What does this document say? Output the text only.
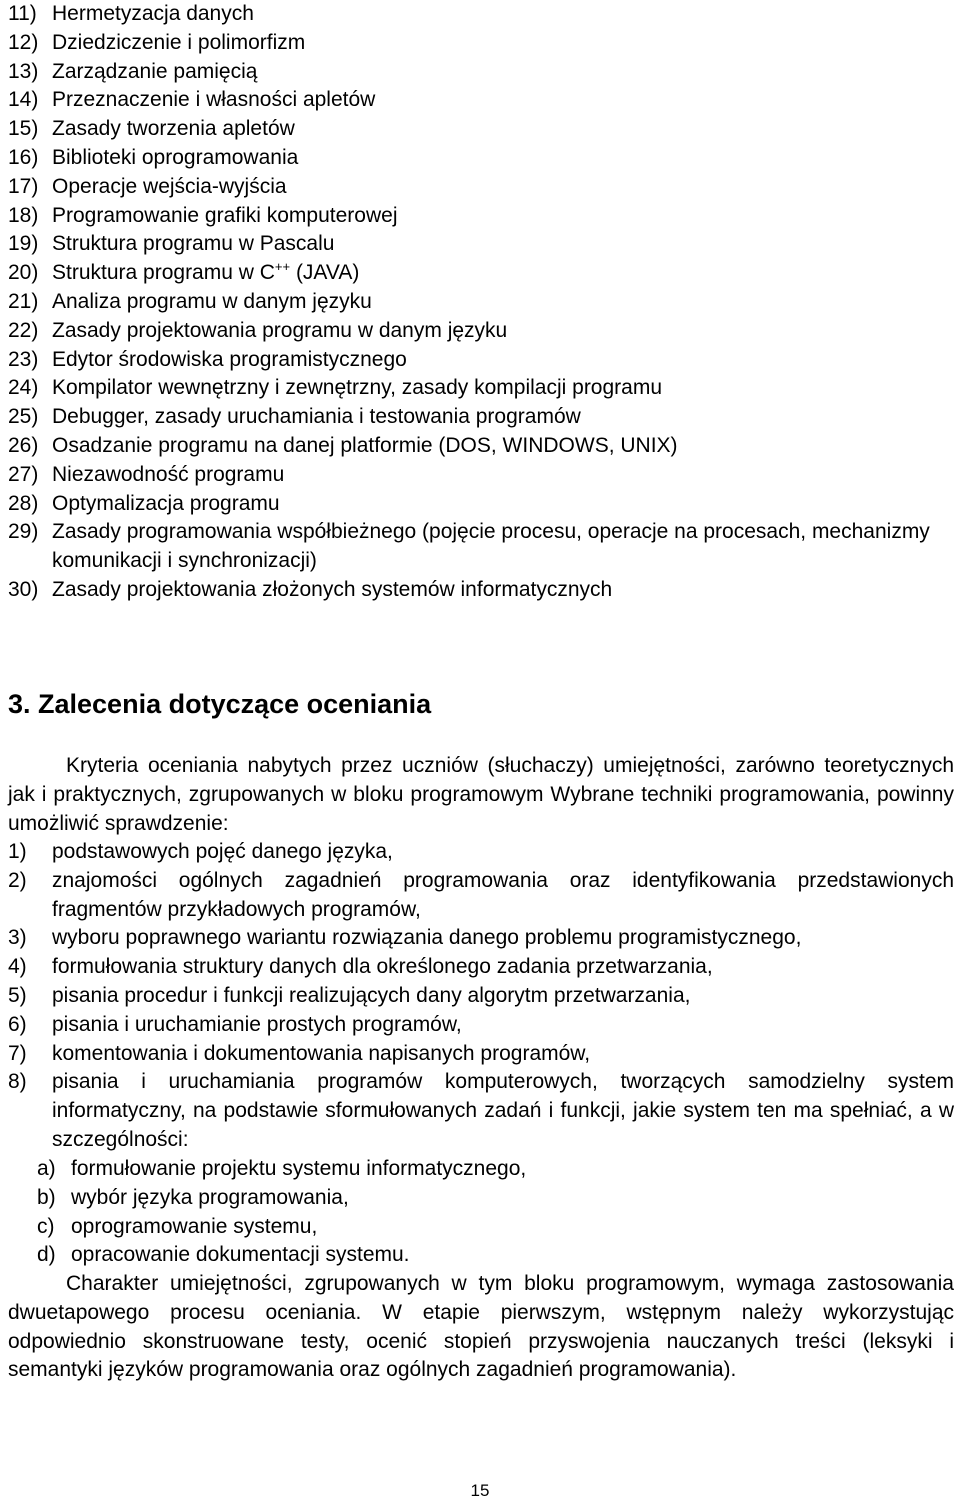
11) Hermetyzacja danych
12) Dziedziczenie i polimorfizm
13) Zarządzanie pamięcią
14) Przeznaczenie i własności apletów
15) Zasady tworzenia apletów
16) Biblioteki oprogramowania
17) Operacje wejścia-wyjścia
18) Programowanie grafiki komputerowej
19) Struktura programu w Pascalu
20) Struktura programu w C++ (JAVA)
21) Analiza programu w danym języku
22) Zasady projektowania programu w danym języku
23) Edytor środowiska programistycznego
24) Kompilator wewnętrzny i zewnętrzny, zasady kompilacji programu
25) Debugger, zasady uruchamiania i testowania programów
26) Osadzanie programu na danej platformie (DOS, WINDOWS, UNIX)
27) Niezawodność programu
28) Optymalizacja programu
29) Zasady programowania współbieżnego (pojęcie procesu, operacje na procesach, mechanizmy komunikacji i synchronizacji)
30) Zasady projektowania złożonych systemów informatycznych
3. Zalecenia dotyczące oceniania

Kryteria oceniania nabytych przez uczniów (słuchaczy) umiejętności, zarówno teoretycznych jak i praktycznych, zgrupowanych w bloku programowym Wybrane techniki programowania, powinny umożliwić sprawdzenie:

1) podstawowych pojęć danego języka,
2) znajomości ogólnych zagadnień programowania oraz identyfikowania przedstawionych fragmentów przykładowych programów,
3) wyboru poprawnego wariantu rozwiązania danego problemu programistycznego,
4) formułowania struktury danych dla określonego zadania przetwarzania,
5) pisania procedur i funkcji realizujących dany algorytm przetwarzania,
6) pisania i uruchamianie prostych programów,
7) komentowania i dokumentowania napisanych programów,
8) pisania i uruchamiania programów komputerowych, tworzących samodzielny system informatyczny, na podstawie sformułowanych zadań i funkcji, jakie system ten ma spełniać, a w szczególności:
a) formułowanie projektu systemu informatycznego,
b) wybór języka programowania,
c) oprogramowanie systemu,
d) opracowanie dokumentacji systemu.

Charakter umiejętności, zgrupowanych w tym bloku programowym, wymaga zastosowania dwuetapowego procesu oceniania. W etapie pierwszym, wstępnym należy wykorzystując odpowiednio skonstruowane testy, ocenić stopień przyswojenia nauczanych treści (leksyki i semantyki języków programowania oraz ogólnych zagadnień programowania).

15
